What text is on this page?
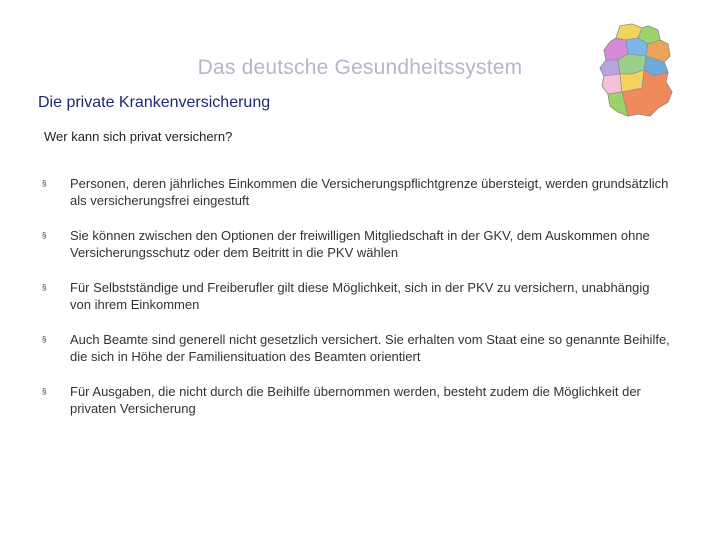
Das deutsche Gesundheitssystem
Die private Krankenversicherung
Wer kann sich privat versichern?
§	Personen, deren jährliches Einkommen die Versicherungspflichtgrenze übersteigt, werden grundsätzlich als versicherungsfrei eingestuft
§	Sie können zwischen den Optionen der freiwilligen Mitgliedschaft in der GKV, dem Auskommen ohne Versicherungsschutz oder dem Beitritt in die PKV wählen
§	Für Selbstständige und Freiberufler gilt diese Möglichkeit, sich in der PKV zu versichern, unabhängig von ihrem Einkommen
§	Auch Beamte sind generell nicht gesetzlich versichert. Sie erhalten vom Staat eine so genannte Beihilfe, die sich in Höhe der Familiensituation des Beamten orientiert
§	Für Ausgaben, die nicht durch die Beihilfe übernommen werden, besteht zudem die Möglichkeit der privaten Versicherung
